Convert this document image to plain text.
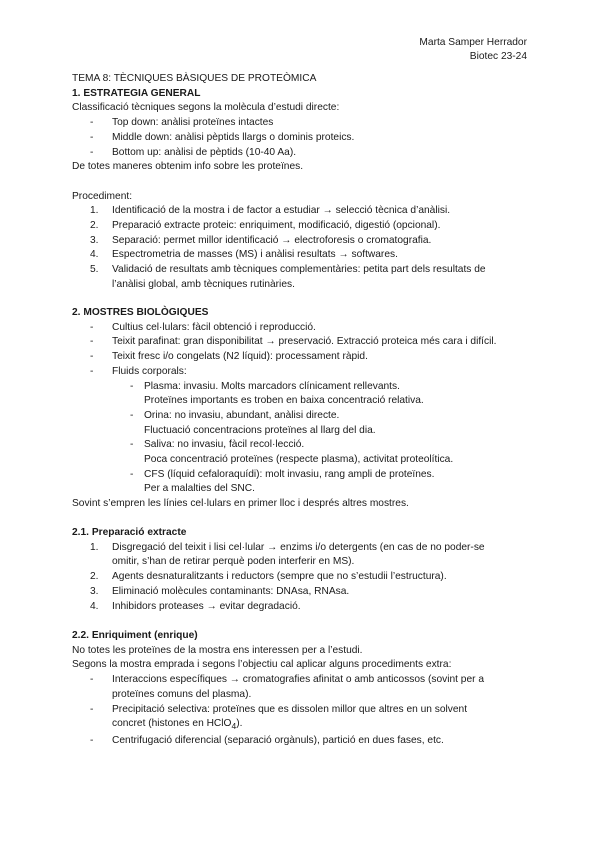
Marta Samper Herrador
Biotec 23-24
TEMA 8: TÈCNIQUES BÀSIQUES DE PROTEÒMICA
1. ESTRATEGIA GENERAL
Classificació tècniques segons la molècula d’estudi directe:
-	Top down: anàlisi proteïnes intactes
-	Middle down: anàlisi pèptids llargs o dominis proteics.
-	Bottom up: anàlisi de pèptids (10-40 Aa).
De totes maneres obtenim info sobre les proteïnes.
Procediment:
1.	Identificació de la mostra i de factor a estudiar → selecció tècnica d’anàlisi.
2.	Preparació extracte proteic: enriquiment, modificació, digestió (opcional).
3.	Separació: permet millor identificació → electroforesis o cromatografia.
4.	Espectrometria de masses (MS) i anàlisi resultats → softwares.
5.	Validació de resultats amb tècniques complementàries: petita part dels resultats de
l’anàlisi global, amb tècniques rutinàries.
2. MOSTRES BIOLÒGIQUES
-	Cultius cel·lulars: fàcil obtenció i reproducció.
-	Teixit parafinat: gran disponibilitat → preservació. Extracció proteica més cara i difícil.
-	Teixit fresc i/o congelats (N2 líquid): processament ràpid.
-	Fluids corporals:
-	Plasma: invasiu. Molts marcadors clínicament rellevants.
Proteïnes importants es troben en baixa concentració relativa.
-	Orina: no invasiu, abundant, anàlisi directe.
Fluctuació concentracions proteïnes al llarg del dia.
-	Saliva: no invasiu, fàcil recol·lecció.
Poca concentració proteïnes (respecte plasma), activitat proteolítica.
-	CFS (líquid cefaloraquídi): molt invasiu, rang ampli de proteïnes.
Per a malalties del SNC.
Sovint s’empren les línies cel·lulars en primer lloc i després altres mostres.
2.1. Preparació extracte
1.	Disgregació del teixit i lisi cel·lular → enzims i/o detergents (en cas de no poder-se
omitir, s’han de retirar perquè poden interferir en MS).
2.	Agents desnaturalitzants i reductors (sempre que no s’estudii l’estructura).
3.	Eliminació molècules contaminants: DNAsa, RNAsa.
4.	Inhibidors proteases → evitar degradació.
2.2. Enriquiment (enrique)
No totes les proteïnes de la mostra ens interessen per a l’estudi.
Segons la mostra emprada i segons l’objectiu cal aplicar alguns procediments extra:
-	Interaccions específiques → cromatografies afinitat o amb anticossos (sovint per a
proteïnes comuns del plasma).
-	Precipitació selectiva: proteïnes que es dissolen millor que altres en un solvent
concret (histones en HClO$_4$).
-	Centrifugació diferencial (separació orgànuls), partició en dues fases, etc.
